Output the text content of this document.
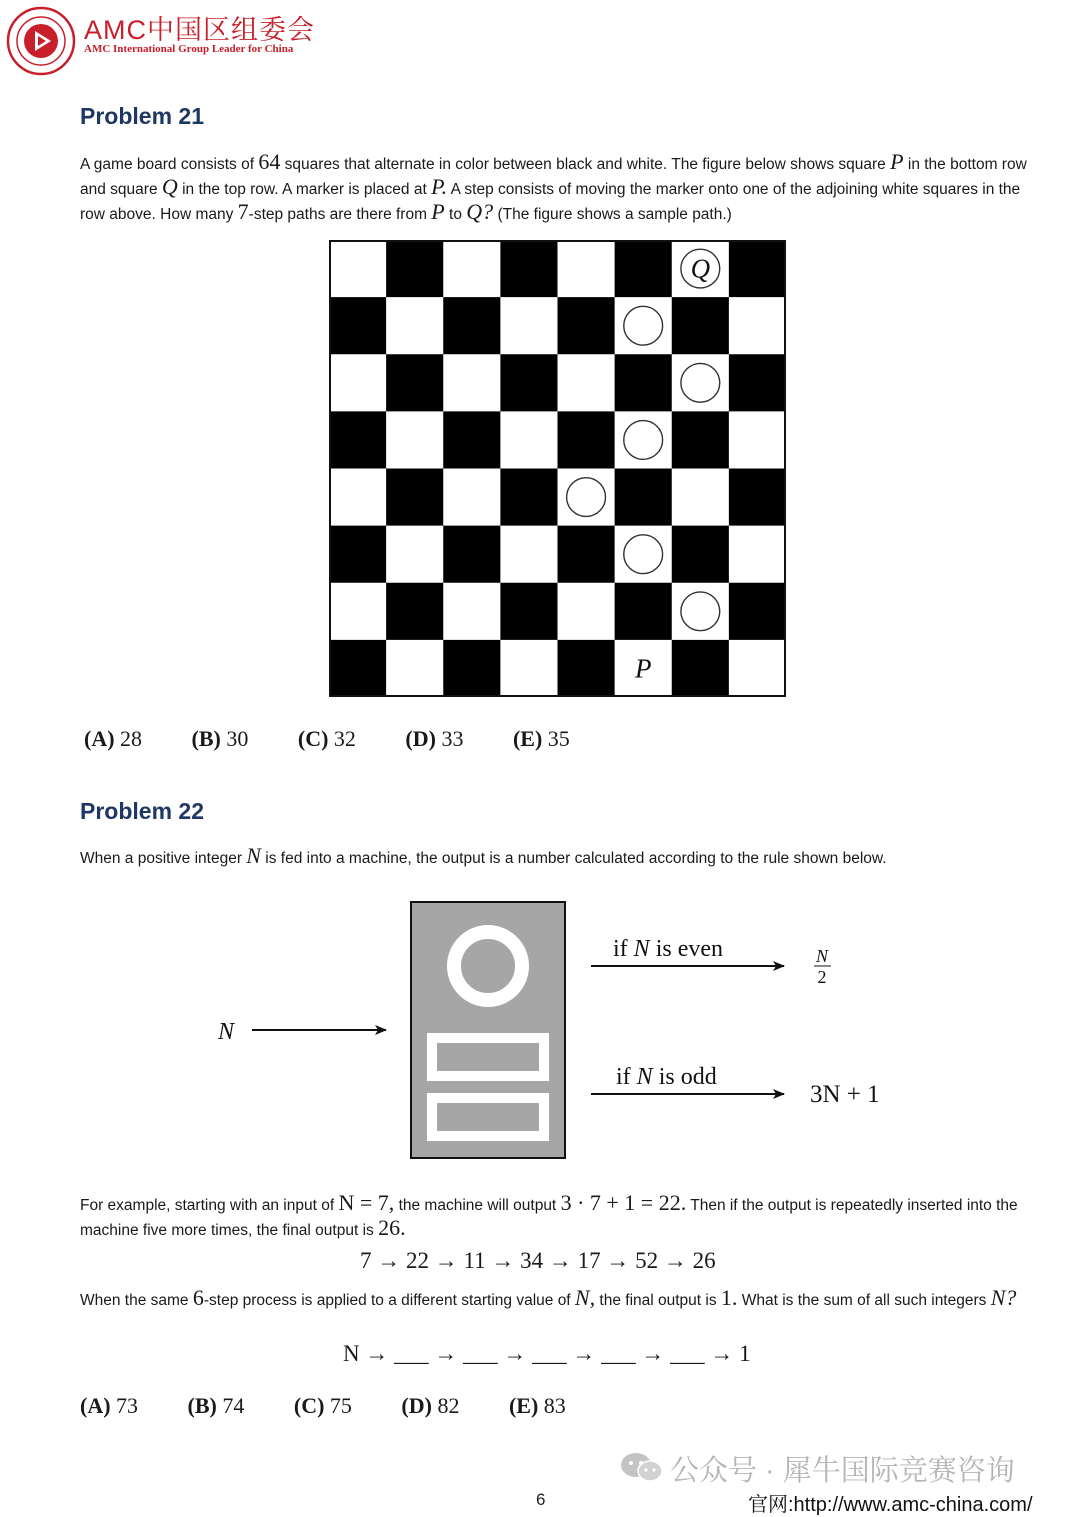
AMC中国区组委会
AMC International Group Leader for China
Problem 21
A game board consists of 64 squares that alternate in color between black and white. The figure below shows square P in the bottom row and square Q in the top row. A marker is placed at P. A step consists of moving the marker onto one of the adjoining white squares in the row above. How many 7-step paths are there from P to Q? (The figure shows a sample path.)
Q
P
(A) 28 (B) 30 (C) 32 (D) 33 (E) 35
Problem 22
When a positive integer N is fed into a machine, the output is a number calculated according to the rule shown below.
N
if N is even	N
2
if N is odd
3N + 1
For example, starting with an input of N = 7, the machine will output 3 · 7 + 1 = 22. Then if the output is repeatedly inserted into the machine five more times, the final output is 26.
7 → 22 → 11 → 34 → 17 → 52 → 26
When the same 6-step process is applied to a different starting value of N, the final output is 1. What is the sum of all such integers N?
N → ___ → ___ → ___ → ___ → ___ → 1
(A) 73 (B) 74 (C) 75 (D) 82 (E) 83
公众号 · 犀牛国际竞赛咨询
6	官网:http://www.amc-china.com/
